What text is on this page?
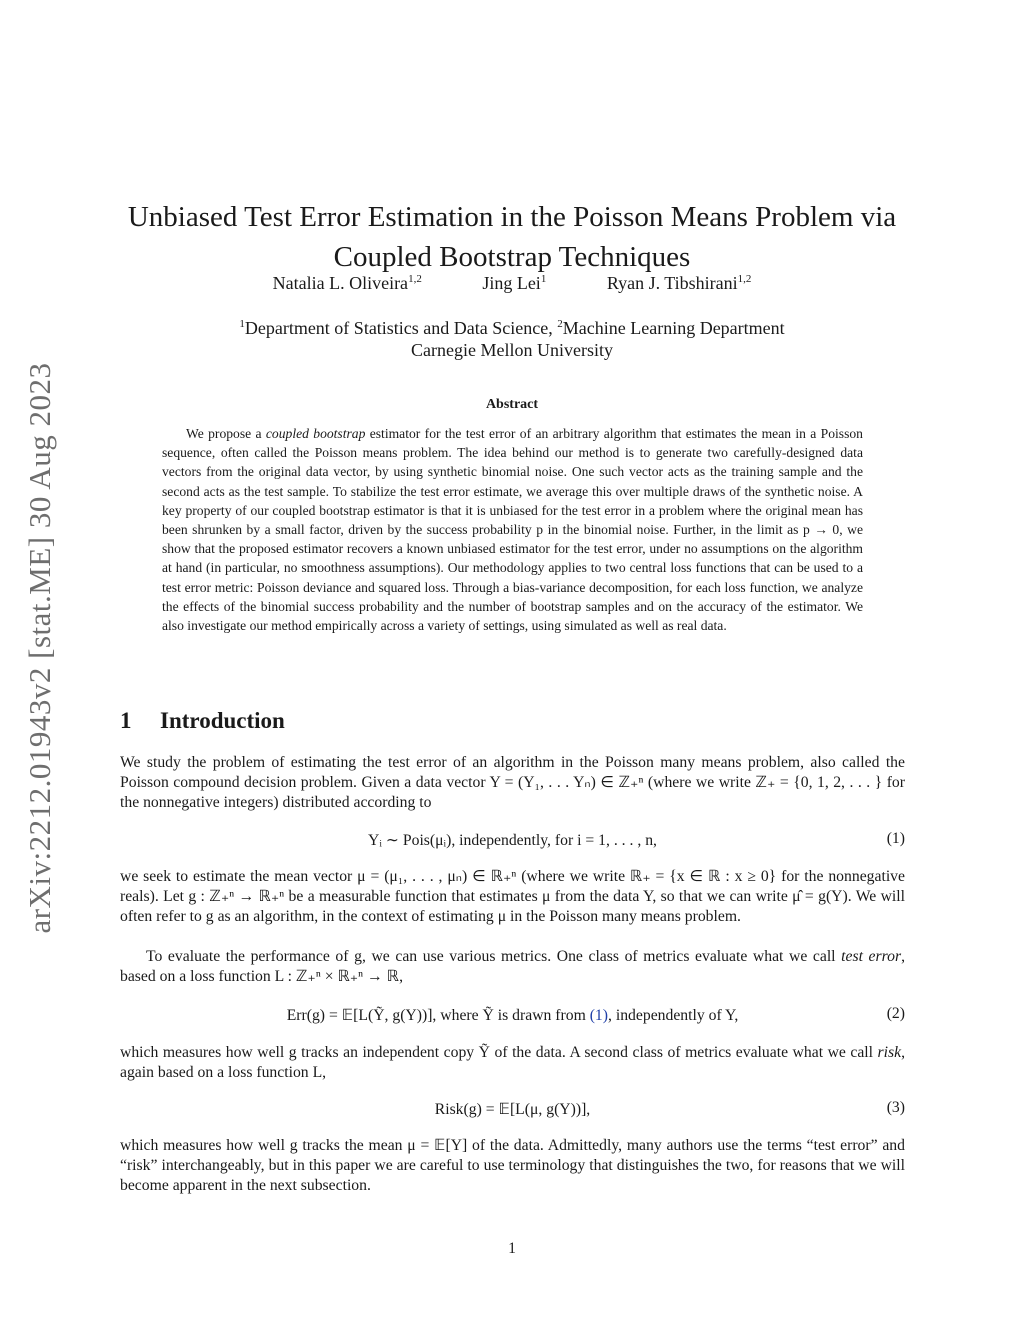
arXiv:2212.01943v2 [stat.ME] 30 Aug 2023
Unbiased Test Error Estimation in the Poisson Means Problem via
Coupled Bootstrap Techniques
Natalia L. Oliveira$^{1,2}$	Jing Lei$^1$	Ryan J. Tibshirani$^{1,2}$
$^1$Department of Statistics and Data Science, $^2$Machine Learning Department
Carnegie Mellon University
Abstract

We propose a coupled bootstrap estimator for the test error of an arbitrary algorithm that estimates the mean in a Poisson sequence, often called the Poisson means problem. The idea behind our method is to generate two carefully-designed data vectors from the original data vector, by using synthetic binomial noise. One such vector acts as the training sample and the second acts as the test sample. To stabilize the test error estimate, we average this over multiple draws of the synthetic noise. A key property of our coupled bootstrap estimator is that it is unbiased for the test error in a problem where the original mean has been shrunken by a small factor, driven by the success probability p in the binomial noise. Further, in the limit as p → 0, we show that the proposed estimator recovers a known unbiased estimator for the test error, under no assumptions on the algorithm at hand (in particular, no smoothness assumptions). Our methodology applies to two central loss functions that can be used to a test error metric: Poisson deviance and squared loss. Through a bias-variance decomposition, for each loss function, we analyze the effects of the binomial success probability and the number of bootstrap samples and on the accuracy of the estimator. We also investigate our method empirically across a variety of settings, using simulated as well as real data.

1 Introduction

We study the problem of estimating the test error of an algorithm in the Poisson many means problem, also called the Poisson compound decision problem. Given a data vector Y = (Y₁, . . . Yₙ) ∈ ℤ₊ⁿ (where we write ℤ₊ = {0, 1, 2, . . . } for the nonnegative integers) distributed according to

Yᵢ ∼ Pois(μᵢ), independently, for i = 1, . . . , n,	(1)

we seek to estimate the mean vector μ = (μ₁, . . . , μₙ) ∈ ℝ₊ⁿ (where we write ℝ₊ = {x ∈ ℝ : x ≥ 0} for the nonnegative reals). Let g : ℤ₊ⁿ → ℝ₊ⁿ be a measurable function that estimates μ from the data Y, so that we can write μ̂ = g(Y). We will often refer to g as an algorithm, in the context of estimating μ in the Poisson many means problem.

To evaluate the performance of g, we can use various metrics. One class of metrics evaluate what we call test error, based on a loss function L : ℤ₊ⁿ × ℝ₊ⁿ → ℝ,

Err(g) = 𝔼[L(Ỹ, g(Y))], where Ỹ is drawn from (1), independently of Y,	(2)

which measures how well g tracks an independent copy Ỹ of the data. A second class of metrics evaluate what we call risk, again based on a loss function L,

Risk(g) = 𝔼[L(μ, g(Y))],	(3)

which measures how well g tracks the mean μ = 𝔼[Y] of the data. Admittedly, many authors use the terms “test error” and “risk” interchangeably, but in this paper we are careful to use terminology that distinguishes the two, for reasons that we will become apparent in the next subsection.

1
